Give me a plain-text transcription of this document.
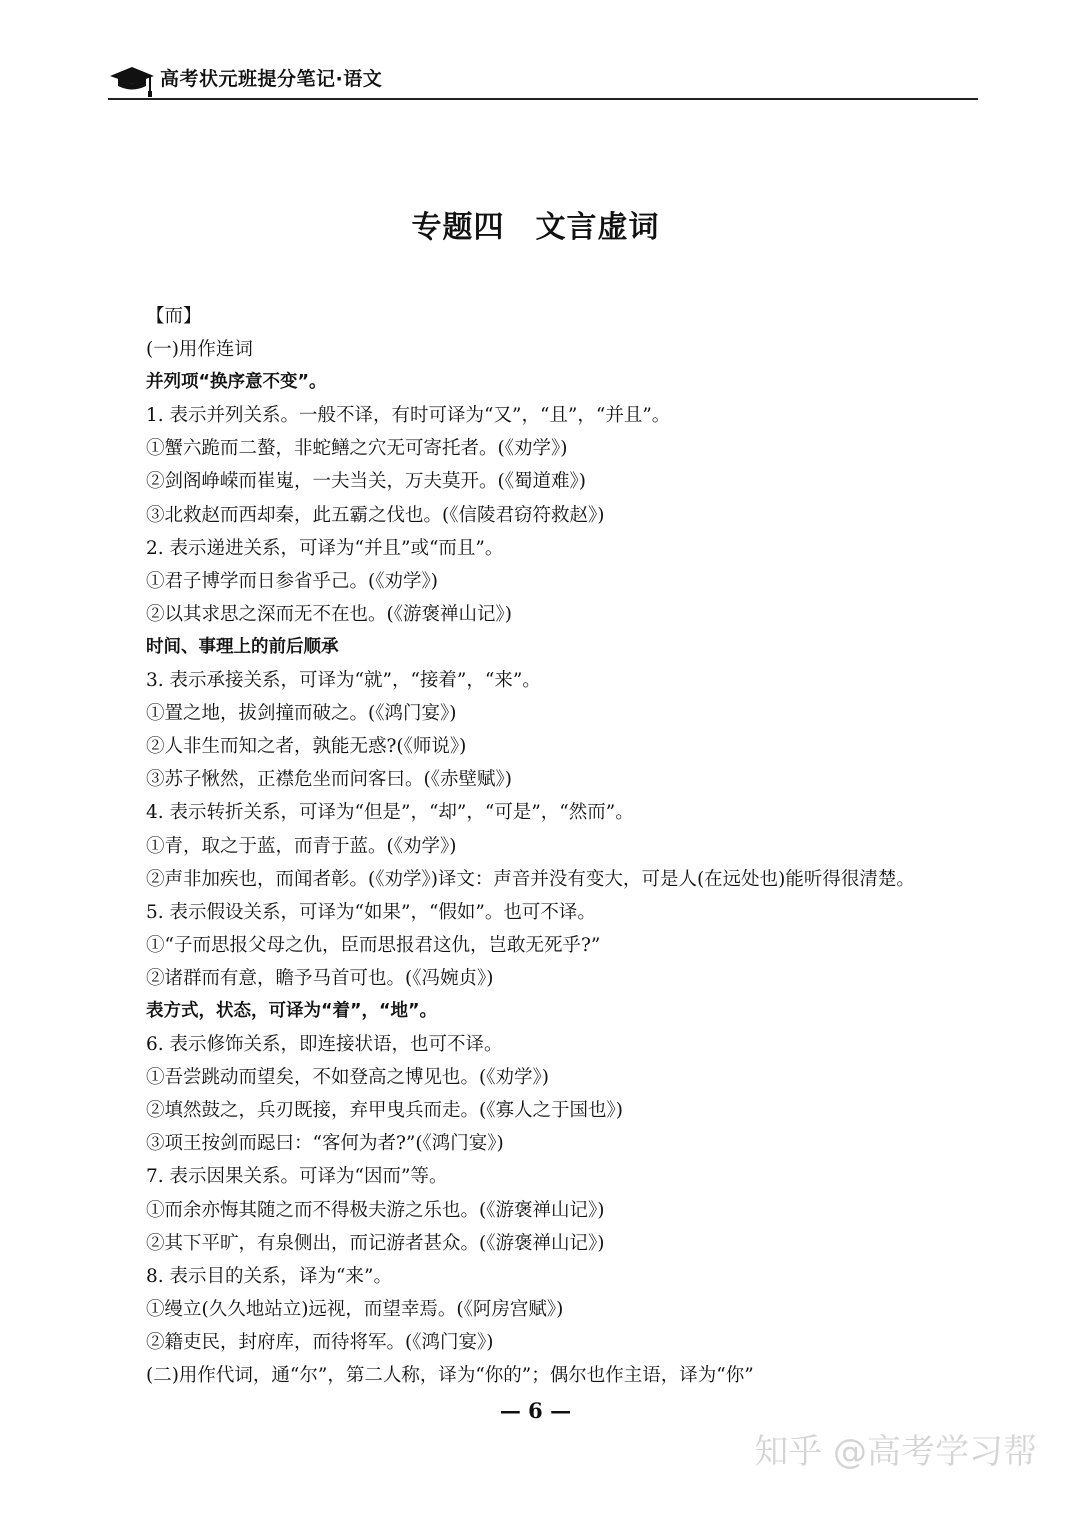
高考状元班提分笔记·语文
专题四　文言虚词
【而】
(一)用作连词
并列项“换序意不变”。
1. 表示并列关系。一般不译，有时可译为“又”，“且”，“并且”。
①蟹六跪而二螯，非蛇鳝之穴无可寄托者。(《劝学》)
②剑阁峥嵘而崔嵬，一夫当关，万夫莫开。(《蜀道难》)
③北救赵而西却秦，此五霸之伐也。(《信陵君窃符救赵》)
2. 表示递进关系，可译为“并且”或“而且”。
①君子博学而日参省乎己。(《劝学》)
②以其求思之深而无不在也。(《游褒禅山记》)
时间、事理上的前后顺承
3. 表示承接关系，可译为“就”，“接着”，“来”。
①置之地，拔剑撞而破之。(《鸿门宴》)
②人非生而知之者，孰能无惑?(《师说》)
③苏子愀然，正襟危坐而问客曰。(《赤壁赋》)
4. 表示转折关系，可译为“但是”，“却”，“可是”，“然而”。
①青，取之于蓝，而青于蓝。(《劝学》)
②声非加疾也，而闻者彰。(《劝学》)译文：声音并没有变大，可是人(在远处也)能听得很清楚。
5. 表示假设关系，可译为“如果”，“假如”。也可不译。
①“子而思报父母之仇，臣而思报君这仇，岂敢无死乎?”
②诸群而有意，瞻予马首可也。(《冯婉贞》)
表方式，状态，可译为“着”，“地”。
6. 表示修饰关系，即连接状语，也可不译。
①吾尝跳动而望矣，不如登高之博见也。(《劝学》)
②填然鼓之，兵刃既接，弃甲曳兵而走。(《寡人之于国也》)
③项王按剑而跽曰：“客何为者?”(《鸿门宴》)
7. 表示因果关系。可译为“因而”等。
①而余亦悔其随之而不得极夫游之乐也。(《游褒禅山记》)
②其下平旷，有泉侧出，而记游者甚众。(《游褒禅山记》)
8. 表示目的关系，译为“来”。
①缦立(久久地站立)远视，而望幸焉。(《阿房宫赋》)
②籍吏民，封府库，而待将军。(《鸿门宴》)
(二)用作代词，通“尔”，第二人称，译为“你的”；偶尔也作主语，译为“你”
— 6 —
知乎 @高考学习帮
